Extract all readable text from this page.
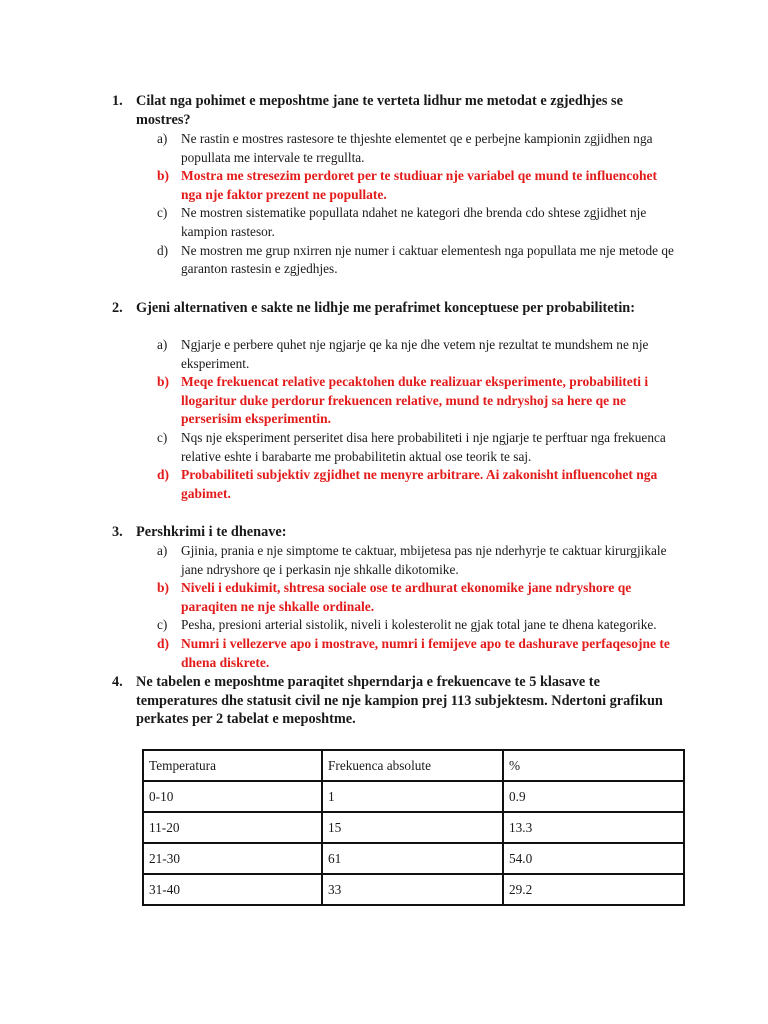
1. Cilat nga pohimet e meposhtme jane te verteta lidhur me metodat e zgjedhjes se mostres?
a) Ne rastin e mostres rastesore te thjeshte elementet qe e perbejne kampionin zgjidhen nga popullata me intervale te rregullta.
b) Mostra me stresezim perdoret per te studiuar nje variabel qe mund te influencohet nga nje faktor prezent ne popullate.
c) Ne mostren sistematike popullata ndahet ne kategori dhe brenda cdo shtese zgjidhet nje kampion rastesor.
d) Ne mostren me grup nxirren nje numer i caktuar elementesh nga popullata me nje metode qe garanton rastesin e zgjedhjes.
2. Gjeni alternativen e sakte ne lidhje me perafrimet konceptuese per probabilitetin:
a) Ngjarje e perbere quhet nje ngjarje qe ka nje dhe vetem nje rezultat te mundshem ne nje eksperiment.
b) Meqe frekuencat relative pecaktohen duke realizuar eksperimente, probabiliteti i llogaritur duke perdorur frekuencen relative, mund te ndryshoj sa here qe ne perserisim eksperimentin.
c) Nqs nje eksperiment perseritet disa here probabiliteti i nje ngjarje te perftuar nga frekuenca relative eshte i barabarte me probabilitetin aktual ose teorik te saj.
d) Probabiliteti subjektiv zgjidhet ne menyre arbitrare. Ai zakonisht influencohet nga gabimet.
3. Pershkrimi i te dhenave:
a) Gjinia, prania e nje simptome te caktuar, mbijetesa pas nje nderhyrje te caktuar kirurgjikale jane ndryshore qe i perkasin nje shkalle dikotomike.
b) Niveli i edukimit, shtresa sociale ose te ardhurat ekonomike jane ndryshore qe paraqiten ne nje shkalle ordinale.
c) Pesha, presioni arterial sistolik, niveli i kolesterolit ne gjak total jane te dhena kategorike.
d) Numri i vellezerve apo i mostrave, numri i femijeve apo te dashurave perfaqesojne te dhena diskrete.
4. Ne tabelen e meposhtme paraqitet shperndarja e frekuencave te 5 klasave te temperatures dhe statusit civil ne nje kampion prej 113 subjektesm. Ndertoni grafikun perkates per 2 tabelat e meposhtme.
Temperatura	Frekuenca absolute	%
0-10	1	0.9
11-20	15	13.3
21-30	61	54.0
31-40	33	29.2
